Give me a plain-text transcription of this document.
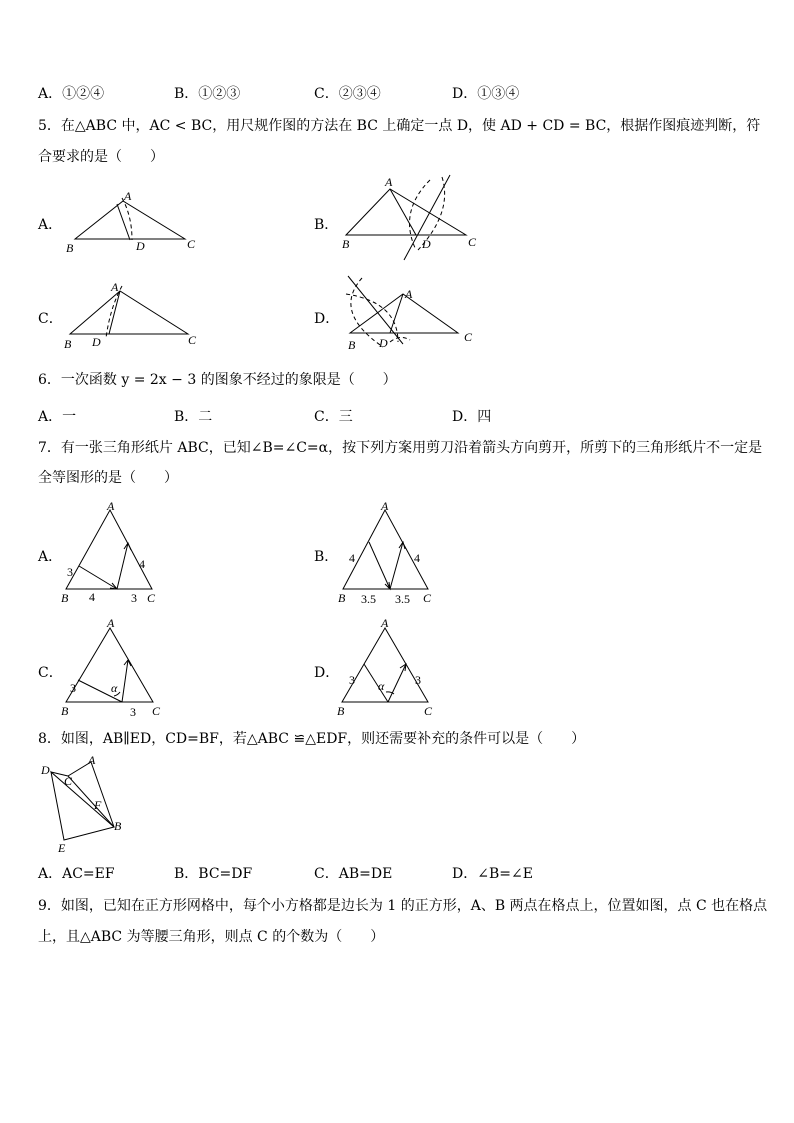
A．①②④	B．①②③	C．②③④	D．①③④
5．在△ABC 中，AC < BC，用尺规作图的方法在 BC 上确定一点 D，使 AD + CD = BC，根据作图痕迹判断，符
合要求的是（　　）
A．
A
B	D	C
B．
A
B	D	C
C．
A
B D	C
D．
A
B D	C
6．一次函数 y = 2x − 3 的图象不经过的象限是（　　）
A．一	B．二	C．三	D．四
7．有一张三角形纸片 ABC，已知∠B=∠C=α，按下列方案用剪刀沿着箭头方向剪开，所剪下的三角形纸片不一定是
全等图形的是（　　）
A．
A
B	C
3
4
4	3
B．
A
B	C
4	4
3.5 3.5
C．
A
B	C
3	α
3
D．
A
B	C
3	3
α
8．如图，AB∥ED，CD=BF，若△ABC ≌△EDF，则还需要补充的条件可以是（　　）
D
C
A
F
B
E
A．AC=EF	B．BC=DF	C．AB=DE	D．∠B=∠E
9．如图，已知在正方形网格中，每个小方格都是边长为 1 的正方形，A、B 两点在格点上，位置如图，点 C 也在格点
上，且△ABC 为等腰三角形，则点 C 的个数为（　　）
